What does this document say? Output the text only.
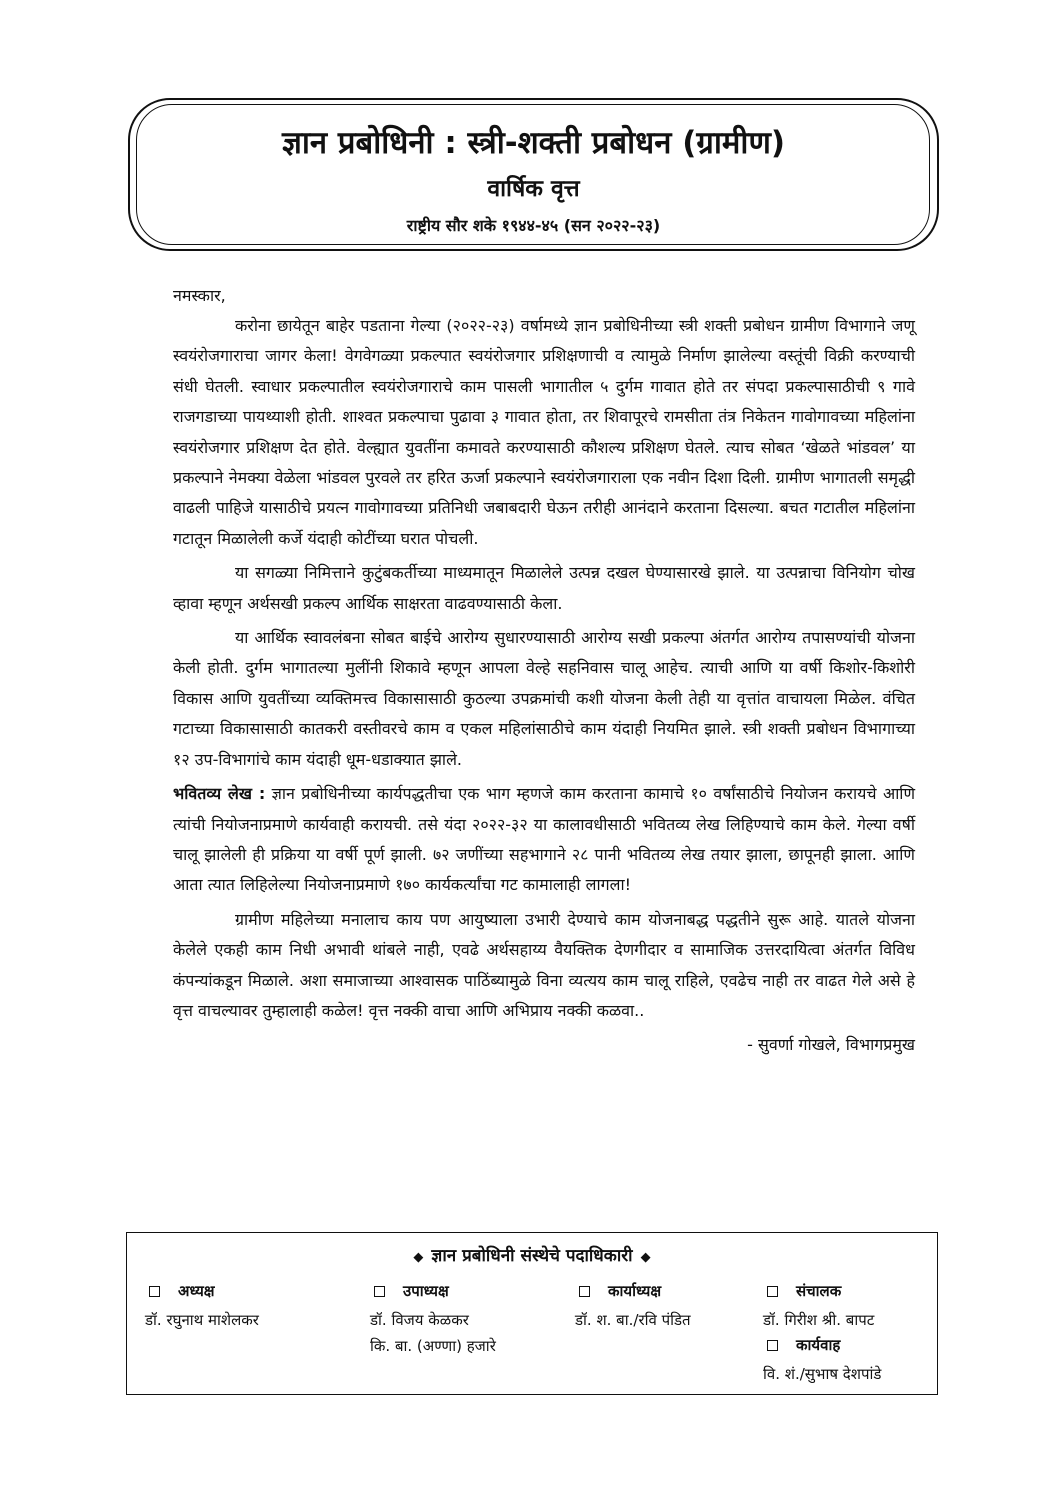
ज्ञान प्रबोधिनी : स्त्री-शक्ती प्रबोधन (ग्रामीण)
वार्षिक वृत्त
राष्ट्रीय सौर शके १९४४-४५ (सन २०२२-२३)
नमस्कार,

करोना छायेतून बाहेर पडताना गेल्या (२०२२-२३) वर्षामध्ये ज्ञान प्रबोधिनीच्या स्त्री शक्ती प्रबोधन ग्रामीण विभागाने जणू स्वयंरोजगाराचा जागर केला! वेगवेगळ्या प्रकल्पात स्वयंरोजगार प्रशिक्षणाची व त्यामुळे निर्माण झालेल्या वस्तूंची विक्री करण्याची संधी घेतली. स्वाधार प्रकल्पातील स्वयंरोजगाराचे काम पासली भागातील ५ दुर्गम गावात होते तर संपदा प्रकल्पासाठीची ९ गावे राजगडाच्या पायथ्याशी होती. शाश्वत प्रकल्पाचा पुढावा ३ गावात होता, तर शिवापूरचे रामसीता तंत्र निकेतन गावोगावच्या महिलांना स्वयंरोजगार प्रशिक्षण देत होते. वेल्ह्यात युवतींना कमावते करण्यासाठी कौशल्य प्रशिक्षण घेतले. त्याच सोबत ‘खेळते भांडवल’ या प्रकल्पाने नेमक्या वेळेला भांडवल पुरवले तर हरित ऊर्जा प्रकल्पाने स्वयंरोजगाराला एक नवीन दिशा दिली. ग्रामीण भागातली समृद्धी वाढली पाहिजे यासाठीचे प्रयत्न गावोगावच्या प्रतिनिधी जबाबदारी घेऊन तरीही आनंदाने करताना दिसल्या. बचत गटातील महिलांना गटातून मिळालेली कर्जे यंदाही कोटींच्या घरात पोचली.

या सगळ्या निमित्ताने कुटुंबकर्तीच्या माध्यमातून मिळालेले उत्पन्न दखल घेण्यासारखे झाले. या उत्पन्नाचा विनियोग चोख व्हावा म्हणून अर्थसखी प्रकल्प आर्थिक साक्षरता वाढवण्यासाठी केला.

या आर्थिक स्वावलंबना सोबत बाईचे आरोग्य सुधारण्यासाठी आरोग्य सखी प्रकल्पा अंतर्गत आरोग्य तपासण्यांची योजना केली होती. दुर्गम भागातल्या मुलींनी शिकावे म्हणून आपला वेल्हे सहनिवास चालू आहेच. त्याची आणि या वर्षी किशोर-किशोरी विकास आणि युवतींच्या व्यक्तिमत्त्व विकासासाठी कुठल्या उपक्रमांची कशी योजना केली तेही या वृत्तांत वाचायला मिळेल. वंचित गटाच्या विकासासाठी कातकरी वस्तीवरचे काम व एकल महिलांसाठीचे काम यंदाही नियमित झाले. स्त्री शक्ती प्रबोधन विभागाच्या १२ उप-विभागांचे काम यंदाही धूम-धडाक्यात झाले.

भवितव्य लेख : ज्ञान प्रबोधिनीच्या कार्यपद्धतीचा एक भाग म्हणजे काम करताना कामाचे १० वर्षांसाठीचे नियोजन करायचे आणि त्यांची नियोजनाप्रमाणे कार्यवाही करायची. तसे यंदा २०२२-३२ या कालावधीसाठी भवितव्य लेख लिहिण्याचे काम केले. गेल्या वर्षी चालू झालेली ही प्रक्रिया या वर्षी पूर्ण झाली. ७२ जणींच्या सहभागाने २८ पानी भवितव्य लेख तयार झाला, छापूनही झाला. आणि आता त्यात लिहिलेल्या नियोजनाप्रमाणे १७० कार्यकर्त्यांचा गट कामालाही लागला!

ग्रामीण महिलेच्या मनालाच काय पण आयुष्याला उभारी देण्याचे काम योजनाबद्ध पद्धतीने सुरू आहे. यातले योजना केलेले एकही काम निधी अभावी थांबले नाही, एवढे अर्थसहाय्य वैयक्तिक देणगीदार व सामाजिक उत्तरदायित्वा अंतर्गत विविध कंपन्यांकडून मिळाले. अशा समाजाच्या आश्वासक पाठिंब्यामुळे विना व्यत्यय काम चालू राहिले, एवढेच नाही तर वाढत गेले असे हे वृत्त वाचल्यावर तुम्हालाही कळेल! वृत्त नक्की वाचा आणि अभिप्राय नक्की कळवा..

- सुवर्णा गोखले, विभागप्रमुख
◆ ज्ञान प्रबोधिनी संस्थेचे पदाधिकारी ◆
अध्यक्ष
डॉ. रघुनाथ माशेलकर
उपाध्यक्ष
डॉ. विजय केळकर
कि. बा. (अण्णा) हजारे
कार्याध्यक्ष
डॉ. श. बा./रवि पंडित
संचालक
डॉ. गिरीश श्री. बापट
कार्यवाह
वि. शं./सुभाष देशपांडे
